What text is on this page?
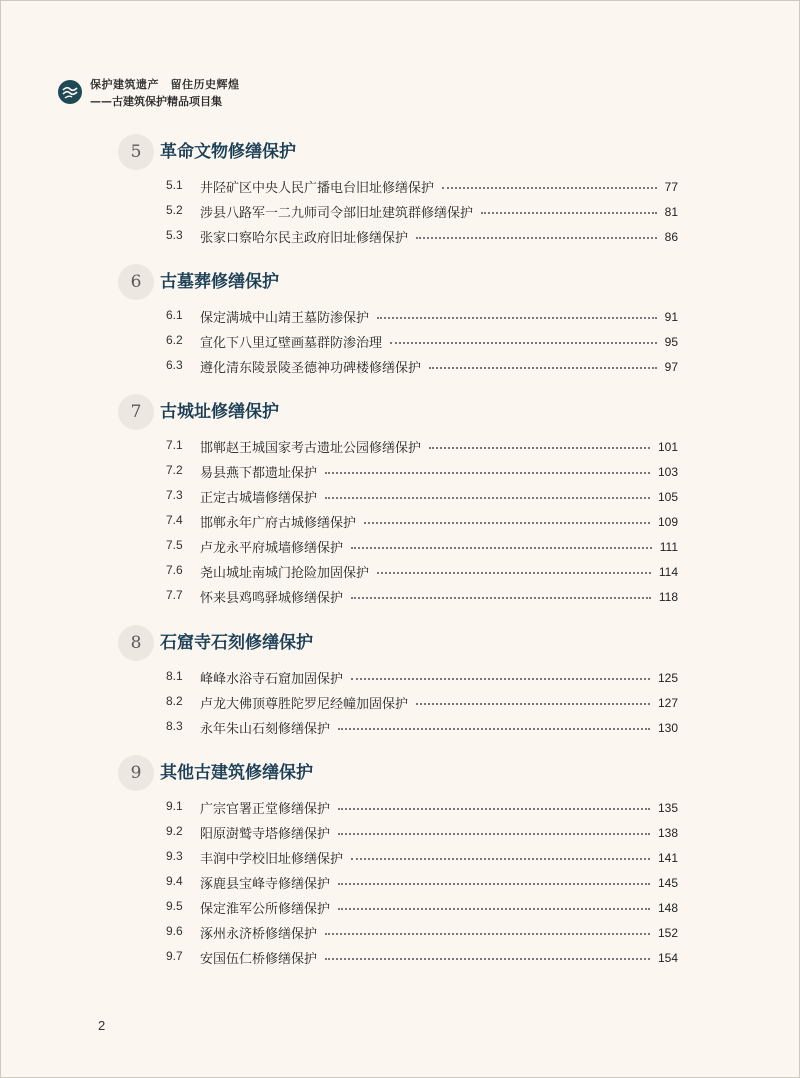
保护建筑遗产　留住历史辉煌
——古建筑保护精品项目集
5	革命文物修缮保护
5.1 井陉矿区中央人民广播电台旧址修缮保护	77
5.2 涉县八路军一二九师司令部旧址建筑群修缮保护	81
5.3 张家口察哈尔民主政府旧址修缮保护	86
6	古墓葬修缮保护
6.1 保定满城中山靖王墓防渗保护	91
6.2 宣化下八里辽壁画墓群防渗治理	95
6.3 遵化清东陵景陵圣德神功碑楼修缮保护	97
7	古城址修缮保护
7.1 邯郸赵王城国家考古遗址公园修缮保护	101
7.2 易县燕下都遗址保护	103
7.3 正定古城墙修缮保护	105
7.4 邯郸永年广府古城修缮保护	109
7.5 卢龙永平府城墙修缮保护	111
7.6 尧山城址南城门抢险加固保护	114
7.7 怀来县鸡鸣驿城修缮保护	118
8	石窟寺石刻修缮保护
8.1 峰峰水浴寺石窟加固保护	125
8.2 卢龙大佛顶尊胜陀罗尼经幢加固保护	127
8.3 永年朱山石刻修缮保护	130
9	其他古建筑修缮保护
9.1 广宗官署正堂修缮保护	135
9.2 阳原澍鹫寺塔修缮保护	138
9.3 丰润中学校旧址修缮保护	141
9.4 涿鹿县宝峰寺修缮保护	145
9.5 保定淮军公所修缮保护	148
9.6 涿州永济桥修缮保护	152
9.7 安国伍仁桥修缮保护	154
2
